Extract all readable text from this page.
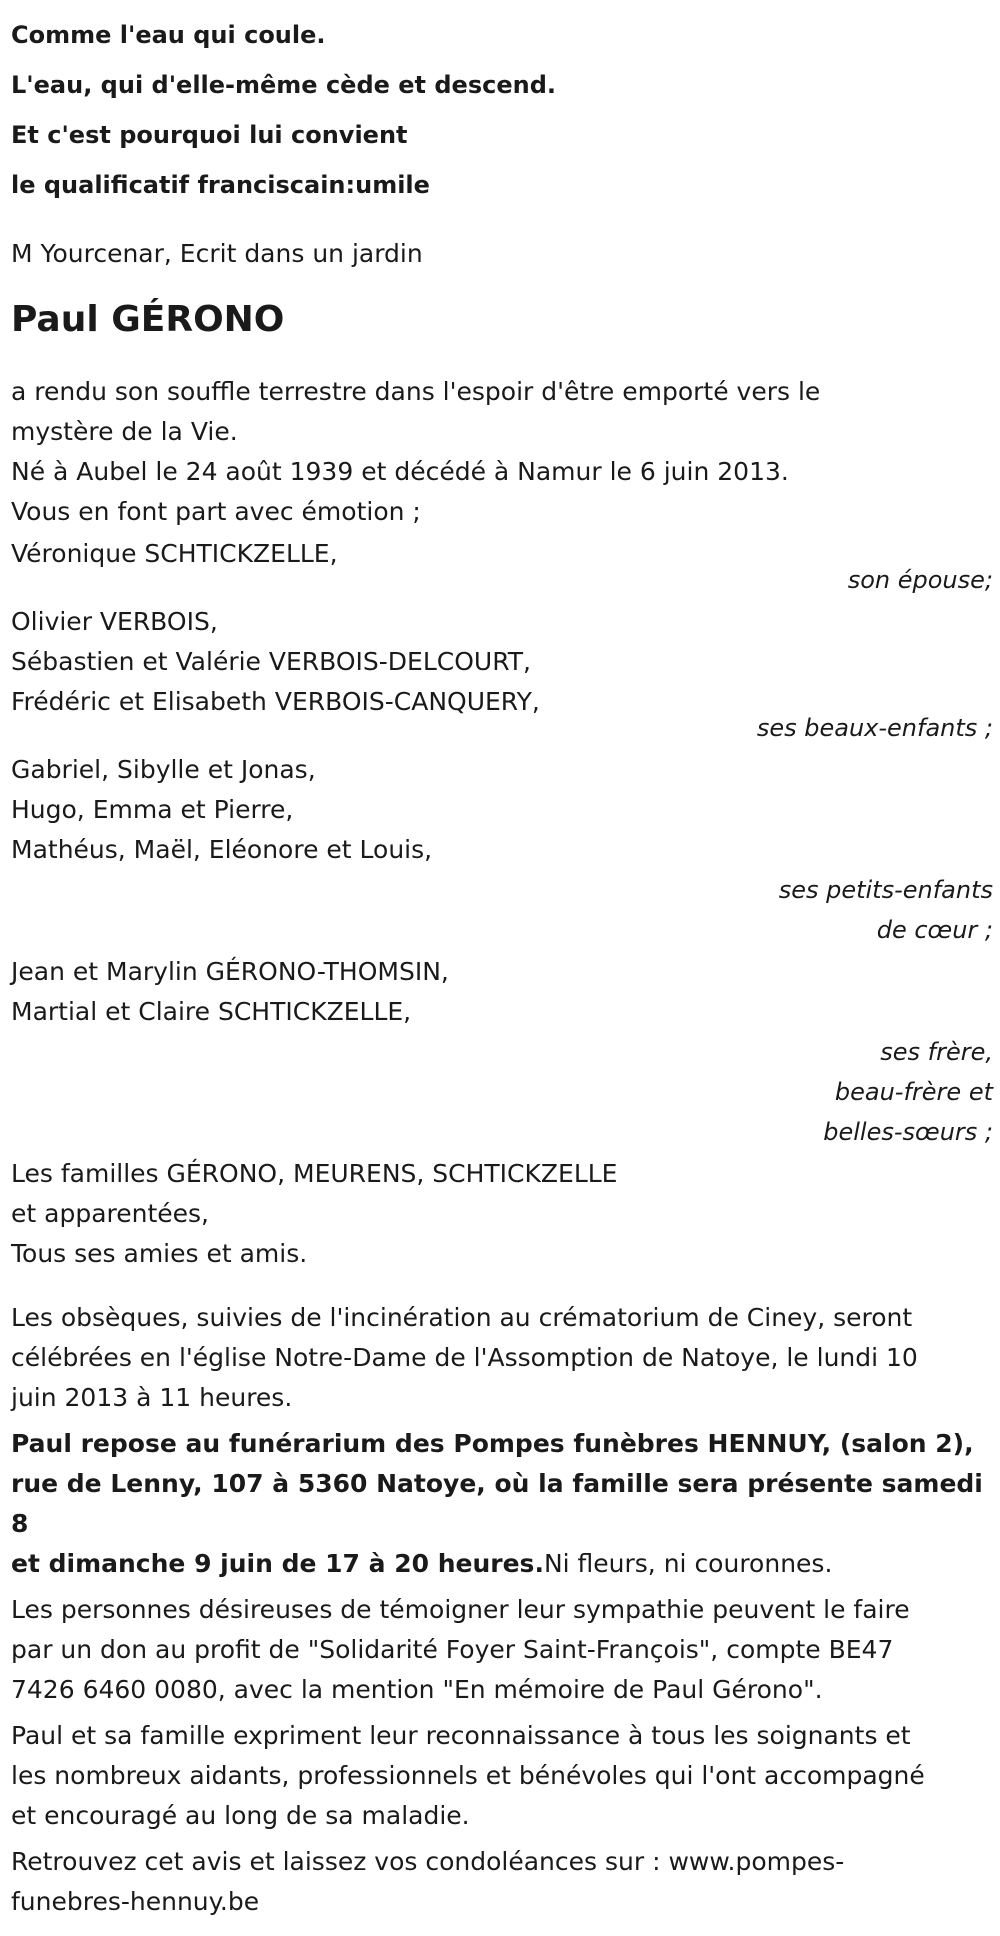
Comme l'eau qui coule.
L'eau, qui d'elle-même cède et descend.
Et c'est pourquoi lui convient
le qualificatif franciscain:umile
M Yourcenar, Ecrit dans un jardin
Paul GÉRONO
a rendu son souffle terrestre dans l'espoir d'être emporté vers le
mystère de la Vie.
Né à Aubel le 24 août 1939 et décédé à Namur le 6 juin 2013.
Vous en font part avec émotion ;
Véronique SCHTICKZELLE,
son épouse;
Olivier VERBOIS,
Sébastien et Valérie VERBOIS-DELCOURT,
Frédéric et Elisabeth VERBOIS-CANQUERY,
ses beaux-enfants ;
Gabriel, Sibylle et Jonas,
Hugo, Emma et Pierre,
Mathéus, Maël, Eléonore et Louis,
ses petits-enfants
de cœur ;
Jean et Marylin GÉRONO-THOMSIN,
Martial et Claire SCHTICKZELLE,
ses frère,
beau-frère et
belles-sœurs ;
Les familles GÉRONO, MEURENS, SCHTICKZELLE
et apparentées,
Tous ses amies et amis.
Les obsèques, suivies de l'incinération au crématorium de Ciney, seront
célébrées en l'église Notre-Dame de l'Assomption de Natoye, le lundi 10
juin 2013 à 11 heures.
Paul repose au funérarium des Pompes funèbres HENNUY, (salon 2),
rue de Lenny, 107 à 5360 Natoye, où la famille sera présente samedi 8
et dimanche 9 juin de 17 à 20 heures.Ni fleurs, ni couronnes.
Les personnes désireuses de témoigner leur sympathie peuvent le faire
par un don au profit de "Solidarité Foyer Saint-François", compte BE47
7426 6460 0080, avec la mention "En mémoire de Paul Gérono".
Paul et sa famille expriment leur reconnaissance à tous les soignants et
les nombreux aidants, professionnels et bénévoles qui l'ont accompagné
et encouragé au long de sa maladie.
Retrouvez cet avis et laissez vos condoléances sur : www.pompes-
funebres-hennuy.be
